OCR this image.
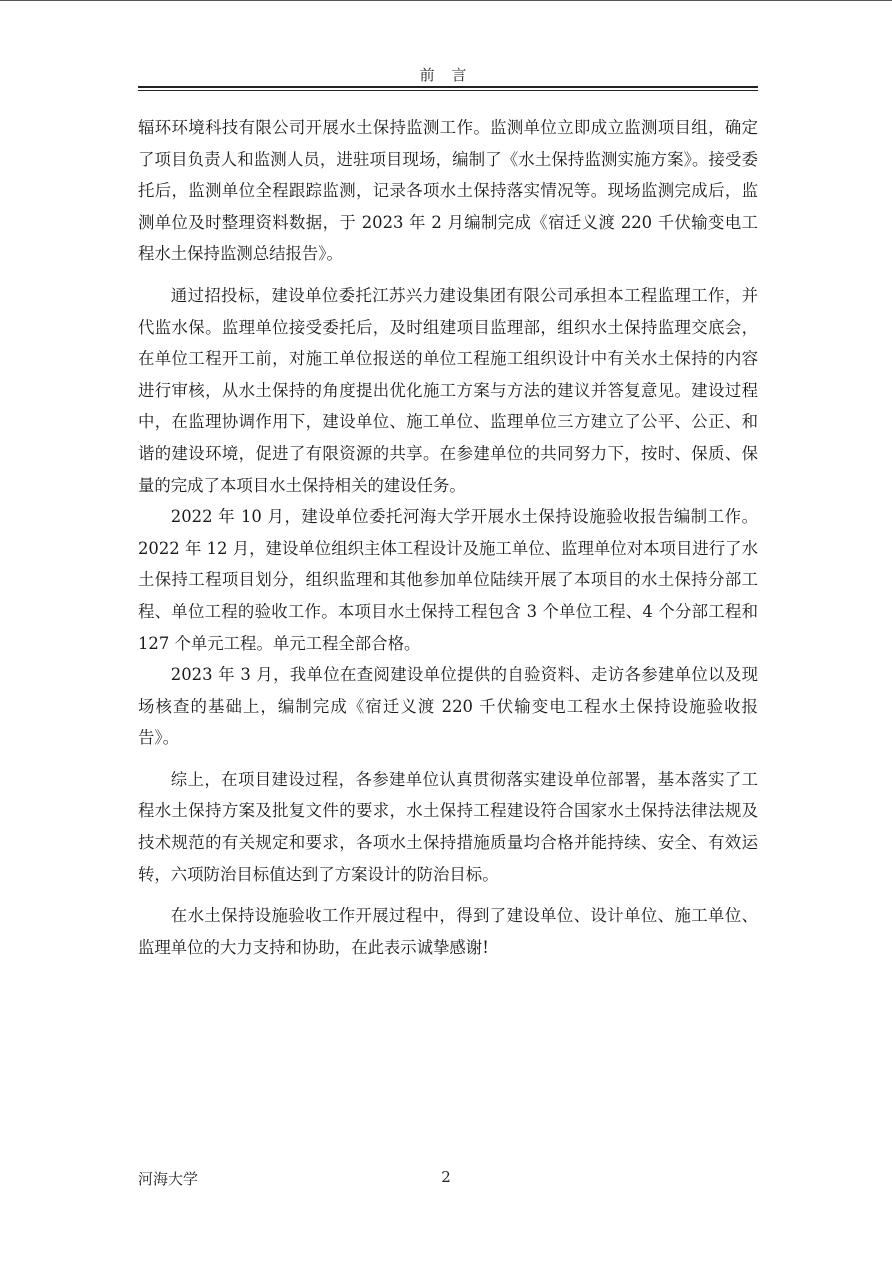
前 言

辐环环境科技有限公司开展水土保持监测工作。监测单位立即成立监测项目组，确定了项目负责人和监测人员，进驻项目现场，编制了《水土保持监测实施方案》。接受委托后，监测单位全程跟踪监测，记录各项水土保持落实情况等。现场监测完成后，监测单位及时整理资料数据，于 2023 年 2 月编制完成《宿迁义渡 220 千伏输变电工程水土保持监测总结报告》。

通过招投标，建设单位委托江苏兴力建设集团有限公司承担本工程监理工作，并代监水保。监理单位接受委托后，及时组建项目监理部，组织水土保持监理交底会，在单位工程开工前，对施工单位报送的单位工程施工组织设计中有关水土保持的内容进行审核，从水土保持的角度提出优化施工方案与方法的建议并答复意见。建设过程中，在监理协调作用下，建设单位、施工单位、监理单位三方建立了公平、公正、和谐的建设环境，促进了有限资源的共享。在参建单位的共同努力下，按时、保质、保量的完成了本项目水土保持相关的建设任务。

2022 年 10 月，建设单位委托河海大学开展水土保持设施验收报告编制工作。2022 年 12 月，建设单位组织主体工程设计及施工单位、监理单位对本项目进行了水土保持工程项目划分，组织监理和其他参加单位陆续开展了本项目的水土保持分部工程、单位工程的验收工作。本项目水土保持工程包含 3 个单位工程、4 个分部工程和 127 个单元工程。单元工程全部合格。

2023 年 3 月，我单位在查阅建设单位提供的自验资料、走访各参建单位以及现场核查的基础上，编制完成《宿迁义渡 220 千伏输变电工程水土保持设施验收报告》。

综上，在项目建设过程，各参建单位认真贯彻落实建设单位部署，基本落实了工程水土保持方案及批复文件的要求，水土保持工程建设符合国家水土保持法律法规及技术规范的有关规定和要求，各项水土保持措施质量均合格并能持续、安全、有效运转，六项防治目标值达到了方案设计的防治目标。

在水土保持设施验收工作开展过程中，得到了建设单位、设计单位、施工单位、监理单位的大力支持和协助，在此表示诚挚感谢!

河海大学	2
